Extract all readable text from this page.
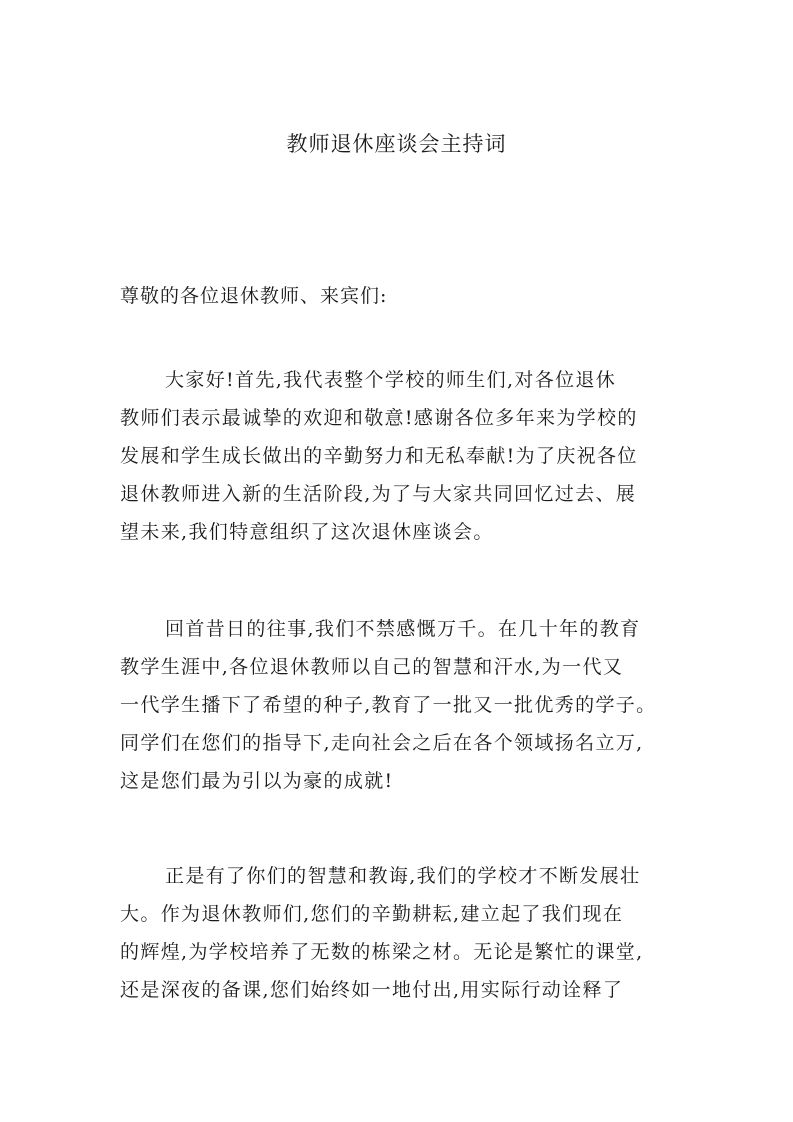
教师退休座谈会主持词
尊敬的各位退休教师、来宾们:
大家好!首先,我代表整个学校的师生们,对各位退休
教师们表示最诚挚的欢迎和敬意!感谢各位多年来为学校的
发展和学生成长做出的辛勤努力和无私奉献!为了庆祝各位
退休教师进入新的生活阶段,为了与大家共同回忆过去、展
望未来,我们特意组织了这次退休座谈会。
回首昔日的往事,我们不禁感慨万千。在几十年的教育
教学生涯中,各位退休教师以自己的智慧和汗水,为一代又
一代学生播下了希望的种子,教育了一批又一批优秀的学子。
同学们在您们的指导下,走向社会之后在各个领域扬名立万,
这是您们最为引以为豪的成就!
正是有了你们的智慧和教诲,我们的学校才不断发展壮
大。作为退休教师们,您们的辛勤耕耘,建立起了我们现在
的辉煌,为学校培养了无数的栋梁之材。无论是繁忙的课堂,
还是深夜的备课,您们始终如一地付出,用实际行动诠释了
